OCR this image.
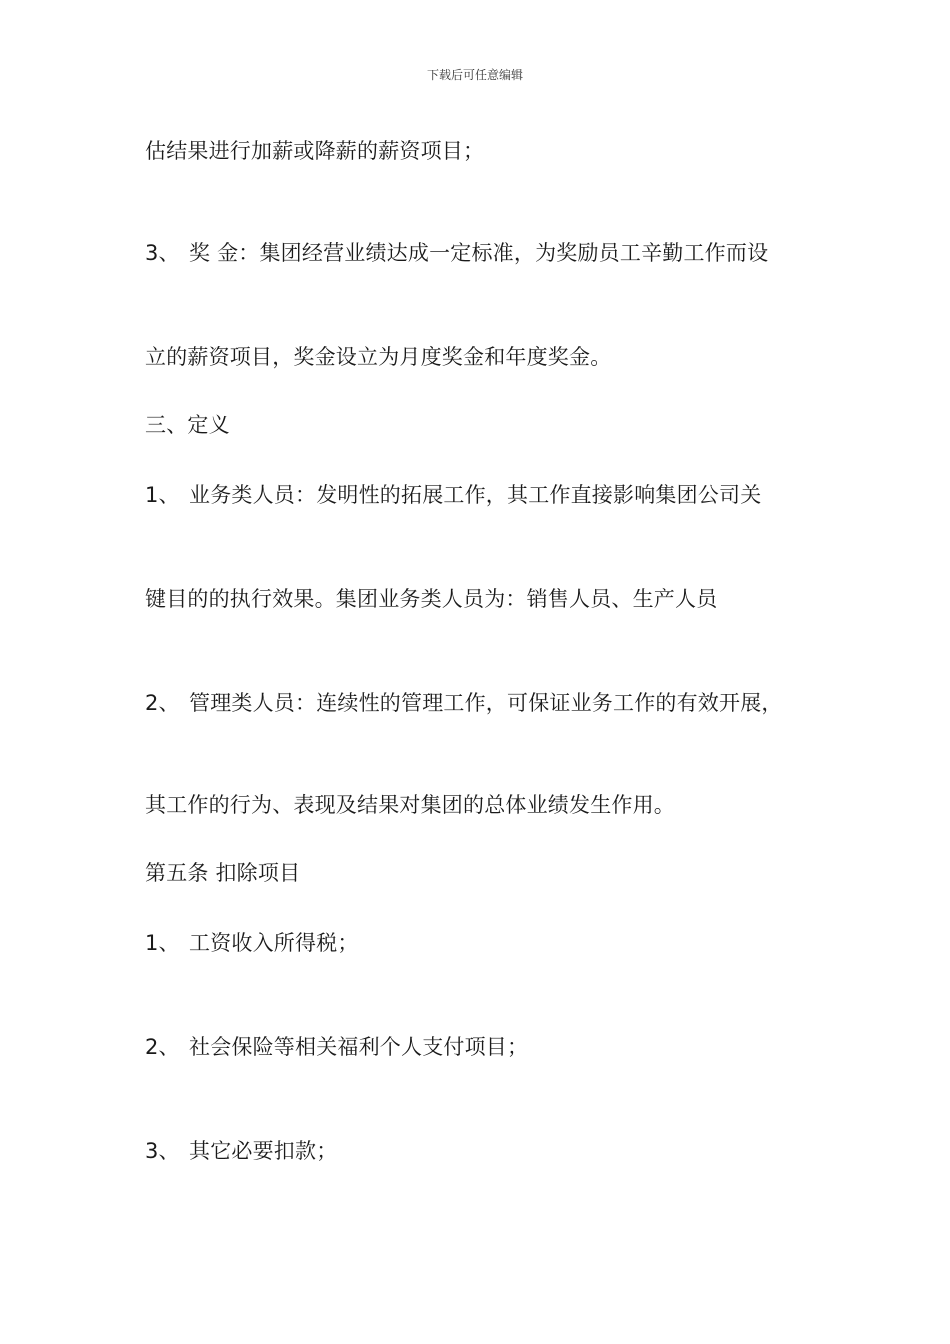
下载后可任意编辑
估结果进行加薪或降薪的薪资项目；
3、 奖 金：集团经营业绩达成一定标准，为奖励员工辛勤工作而设
立的薪资项目，奖金设立为月度奖金和年度奖金。
三、定义
1、 业务类人员：发明性的拓展工作，其工作直接影响集团公司关
键目的的执行效果。集团业务类人员为：销售人员、生产人员
2、 管理类人员：连续性的管理工作，可保证业务工作的有效开展，
其工作的行为、表现及结果对集团的总体业绩发生作用。
第五条 扣除项目
1、 工资收入所得税；
2、 社会保险等相关福利个人支付项目；
3、 其它必要扣款；
